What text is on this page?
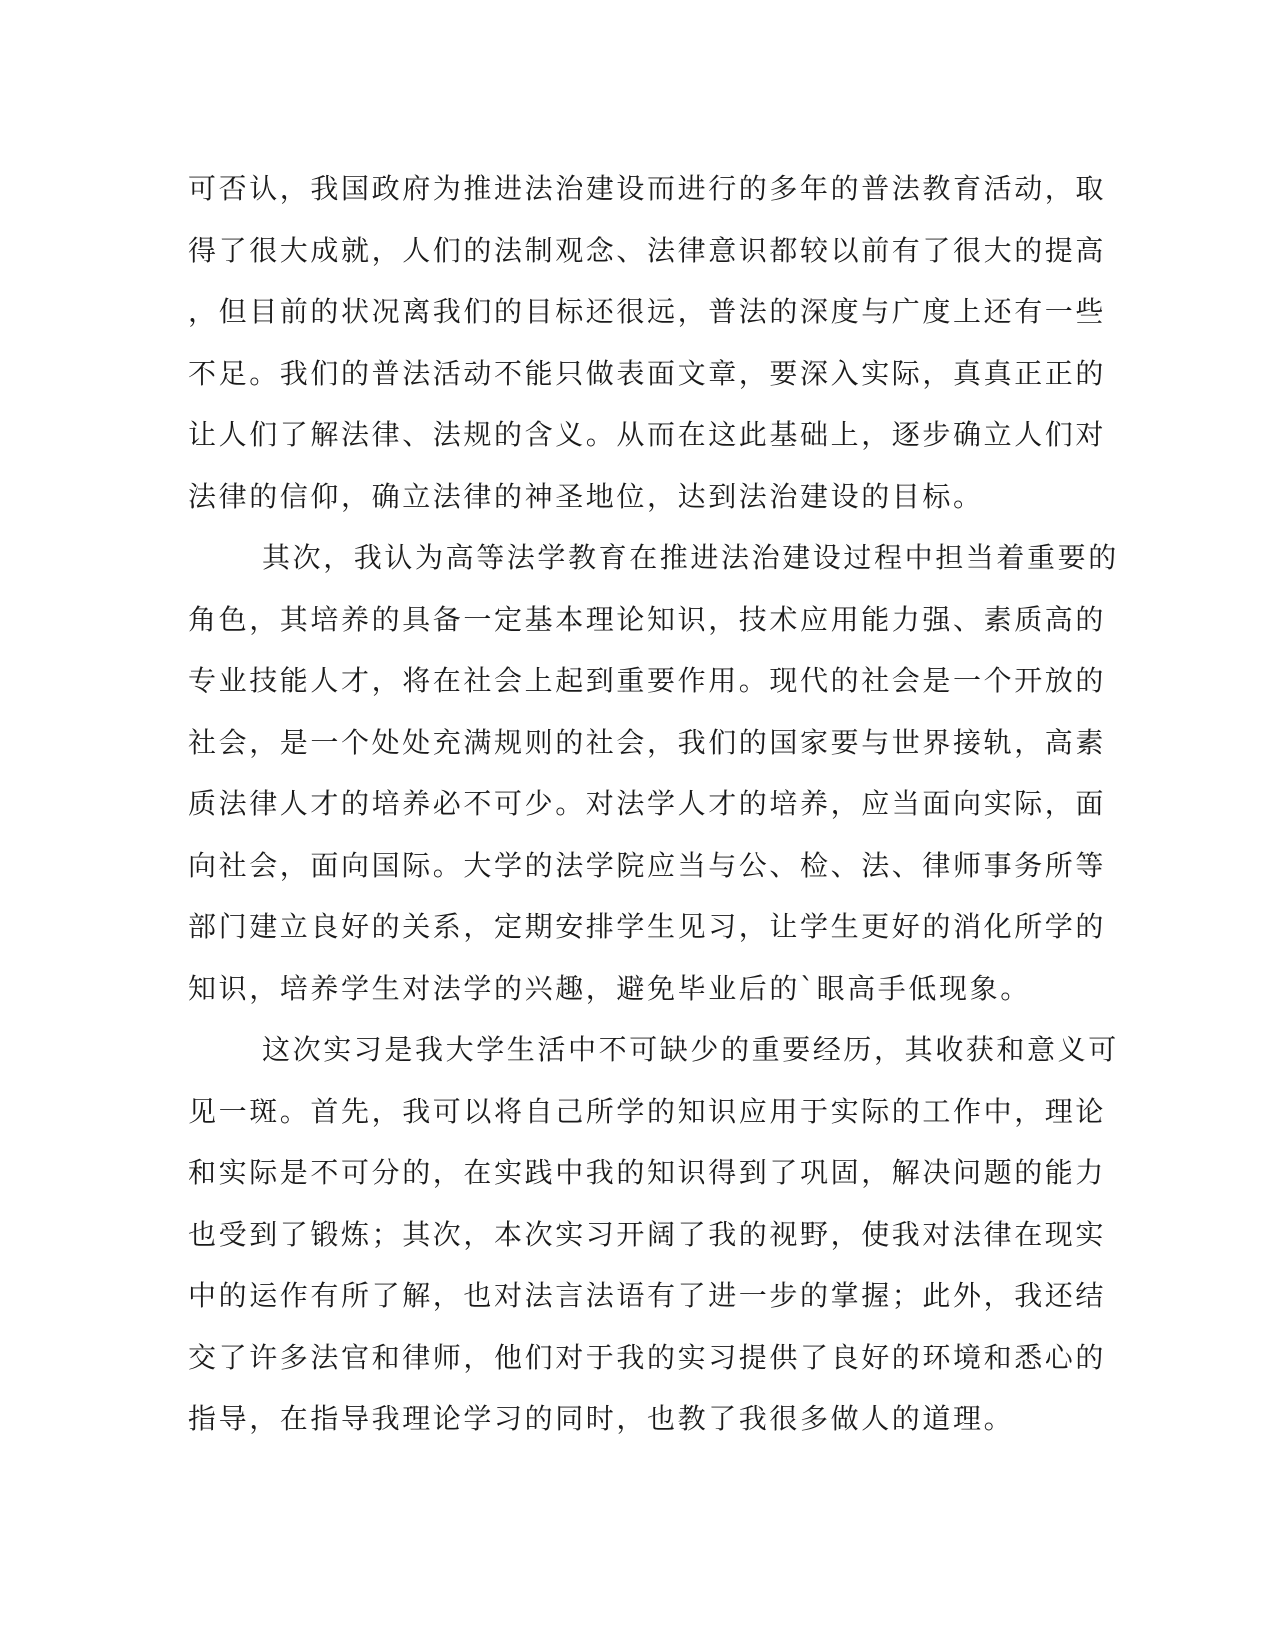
可否认，我国政府为推进法治建设而进行的多年的普法教育活动，取
得了很大成就，人们的法制观念、法律意识都较以前有了很大的提高
，但目前的状况离我们的目标还很远，普法的深度与广度上还有一些
不足。我们的普法活动不能只做表面文章，要深入实际，真真正正的
让人们了解法律、法规的含义。从而在这此基础上，逐步确立人们对
法律的信仰，确立法律的神圣地位，达到法治建设的目标。
其次，我认为高等法学教育在推进法治建设过程中担当着重要的
角色，其培养的具备一定基本理论知识，技术应用能力强、素质高的
专业技能人才，将在社会上起到重要作用。现代的社会是一个开放的
社会，是一个处处充满规则的社会，我们的国家要与世界接轨，高素
质法律人才的培养必不可少。对法学人才的培养，应当面向实际，面
向社会，面向国际。大学的法学院应当与公、检、法、律师事务所等
部门建立良好的关系，定期安排学生见习，让学生更好的消化所学的
知识，培养学生对法学的兴趣，避免毕业后的`眼高手低现象。
这次实习是我大学生活中不可缺少的重要经历，其收获和意义可
见一斑。首先，我可以将自己所学的知识应用于实际的工作中，理论
和实际是不可分的，在实践中我的知识得到了巩固，解决问题的能力
也受到了锻炼；其次，本次实习开阔了我的视野，使我对法律在现实
中的运作有所了解，也对法言法语有了进一步的掌握；此外，我还结
交了许多法官和律师，他们对于我的实习提供了良好的环境和悉心的
指导，在指导我理论学习的同时，也教了我很多做人的道理。
